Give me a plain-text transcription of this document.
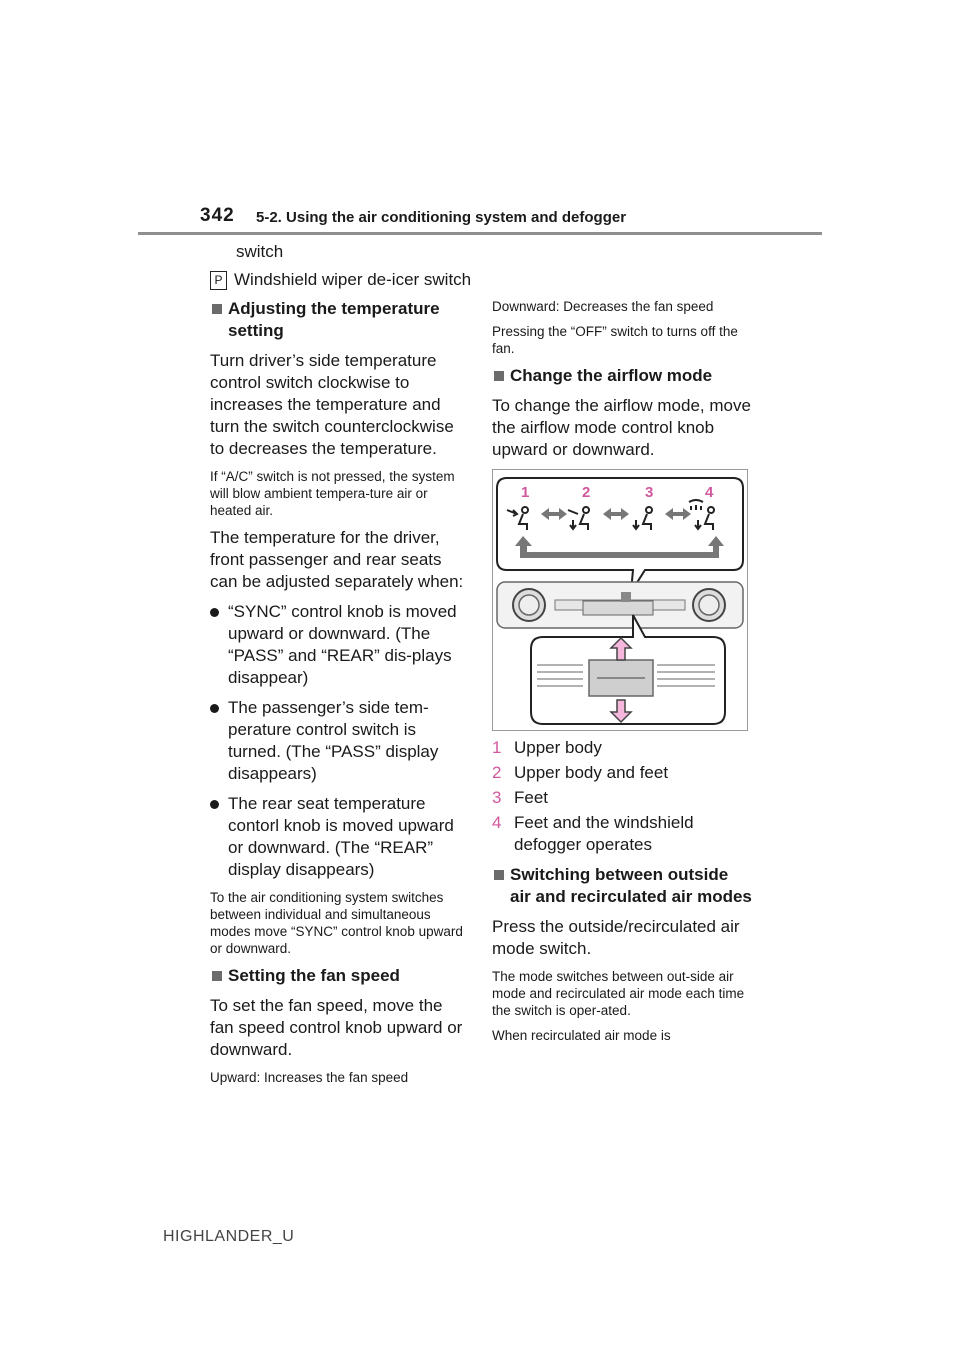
342 5-2. Using the air conditioning system and defogger
switch
P Windshield wiper de-icer switch
Adjusting the temperature setting
Turn driver’s side temperature control switch clockwise to increases the temperature and turn the switch counterclockwise to decreases the temperature.
If “A/C” switch is not pressed, the system will blow ambient tempera-ture air or heated air.
The temperature for the driver, front passenger and rear seats can be adjusted separately when:
“SYNC” control knob is moved upward or downward. (The “PASS” and “REAR” dis-plays disappear)
The passenger’s side tem-perature control switch is turned. (The “PASS” display disappears)
The rear seat temperature contorl knob is moved upward or downward. (The “REAR” display disappears)
To the air conditioning system switches between individual and simultaneous modes move “SYNC” control knob upward or downward.
Setting the fan speed
To set the fan speed, move the fan speed control knob upward or downward.
Upward: Increases the fan speed
Downward: Decreases the fan speed
Pressing the “OFF” switch to turns off the fan.
Change the airflow mode
To change the airflow mode, move the airflow mode control knob upward or downward.
1	2	3	4
1 Upper body
2 Upper body and feet
3 Feet
4 Feet and the windshield defogger operates
Switching between outside air and recirculated air modes
Press the outside/recirculated air mode switch.
The mode switches between out-side air mode and recirculated air mode each time the switch is oper-ated.
When recirculated air mode is
HIGHLANDER_U
